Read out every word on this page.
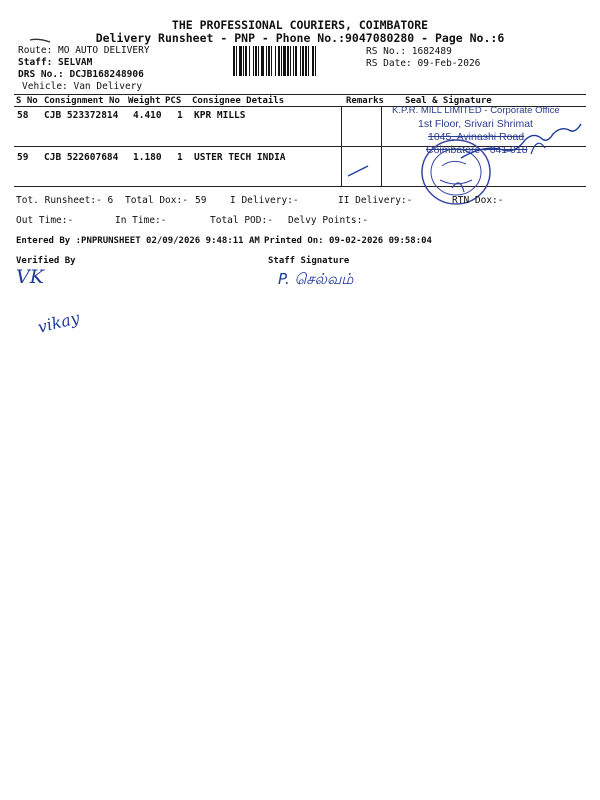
THE PROFESSIONAL COURIERS, COIMBATORE
Delivery Runsheet - PNP - Phone No.:9047080280 - Page No.:6
Route: MO AUTO DELIVERY
Staff: SELVAM
DRS No.: DCJB168248906
Vehicle: Van Delivery
RS No.: 1682489
RS Date: 09-Feb-2026
S No Consignment No Weight PCS Consignee Details	Remarks Seal & Signature
58 CJB 523372814 4.410 1 KPR MILLS
59 CJB 522607684 1.180 1 USTER TECH INDIA
K.P.R. MILL LIMITED - Corporate Office
1st Floor, Srivari Shrimat
1045, Avinashi Road
Coimbatore - 641 018
Tot. Runsheet:- 6 Total Dox:- 59 I Delivery:-	II Delivery:-	RTN Dox:-
Out Time:-	In Time:-	Total POD:- Delvy Points:-
Entered By :PNPRUNSHEET 02/09/2026 9:48:11 AM Printed On: 09-02-2026 09:58:04
Verified By	Staff Signature
VK	P. செல்வம்
vikay
